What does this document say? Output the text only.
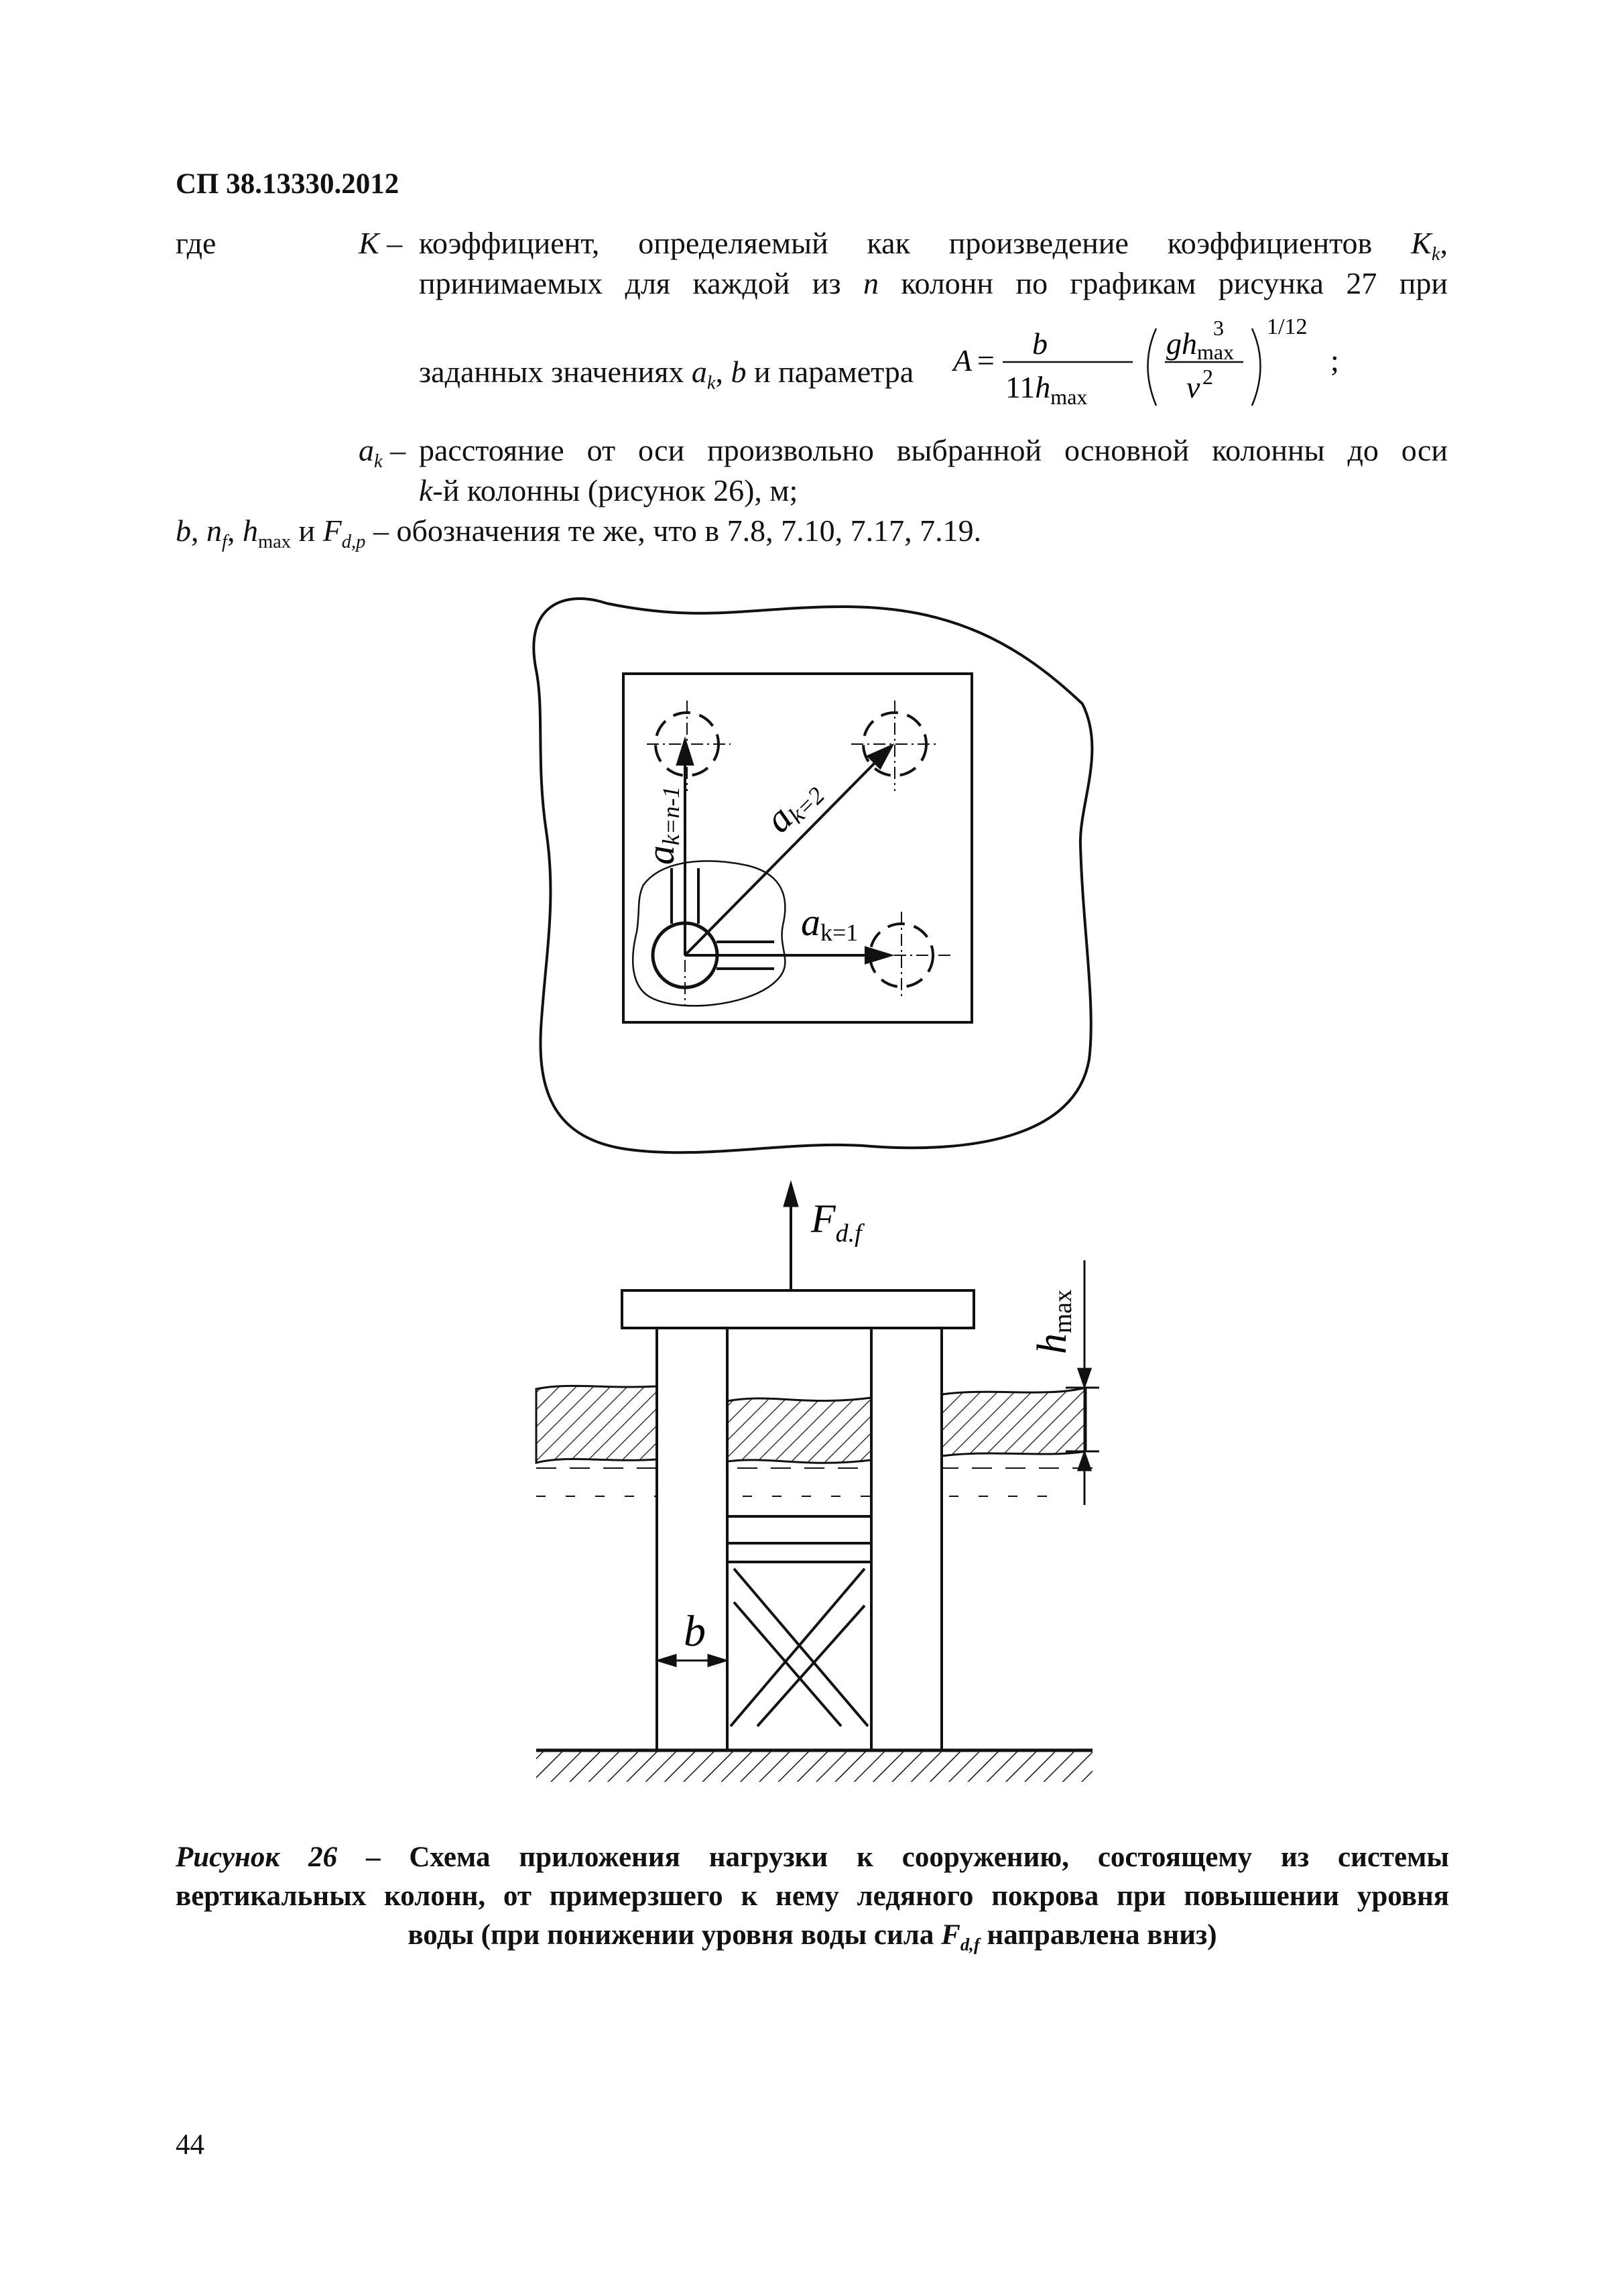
СП 38.13330.2012
где	K – коэффициент, определяемый как произведение коэффициентов $K_k$,
принимаемых для каждой из n колонн по графикам рисунка 27 при
заданных значениях $a_k$, b и параметра A = b
$11h_{max}$
ghmax
3
v 2
1/12
;
$a_k$ – расстояние от оси произвольно выбранной основной колонны до оси
k-й колонны (рисунок 26), м;
b, $n_f$, $h_{max}$ и $F_{d,p}$ – обозначения те же, что в 7.8, 7.10, 7.17, 7.19.
ak=n-1 ak=2
ak=1
$F_{d.f}$
b
hmax
Рисунок 26 – Схема приложения нагрузки к сооружению, состоящему из системы
вертикальных колонн, от примерзшего к нему ледяного покрова при повышении уровня
воды (при понижении уровня воды сила $F_{d,f}$ направлена вниз)
44
